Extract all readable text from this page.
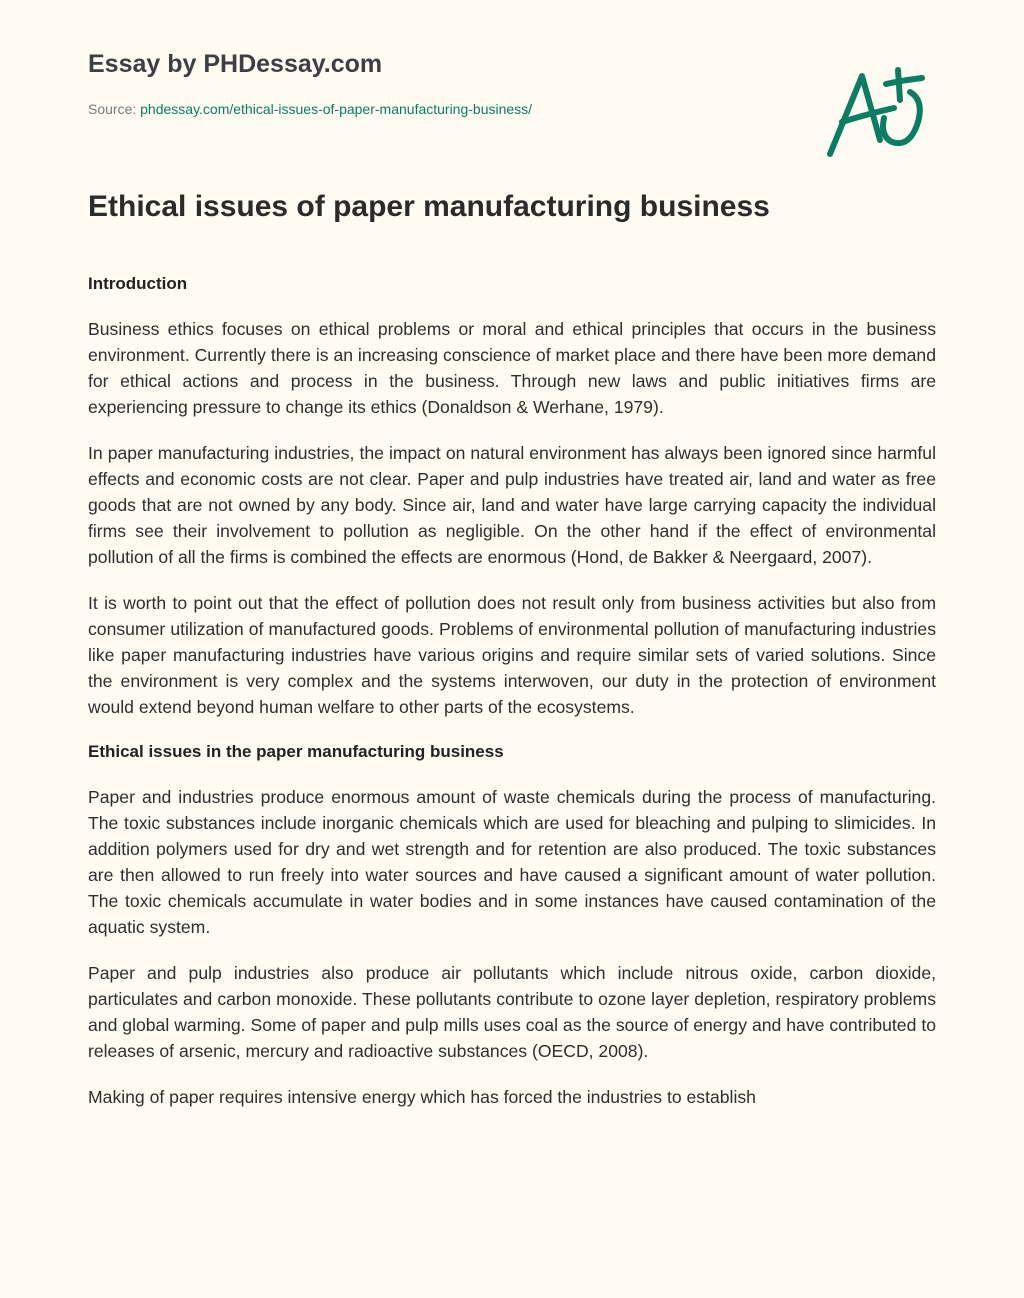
Essay by PHDessay.com
Source: phdessay.com/ethical-issues-of-paper-manufacturing-business/
Ethical issues of paper manufacturing business
Introduction

Business ethics focuses on ethical problems or moral and ethical principles that occurs in the business environment. Currently there is an increasing conscience of market place and there have been more demand for ethical actions and process in the business. Through new laws and public initiatives firms are experiencing pressure to change its ethics (Donaldson & Werhane, 1979).

In paper manufacturing industries, the impact on natural environment has always been ignored since harmful effects and economic costs are not clear. Paper and pulp industries have treated air, land and water as free goods that are not owned by any body. Since air, land and water have large carrying capacity the individual firms see their involvement to pollution as negligible. On the other hand if the effect of environmental pollution of all the firms is combined the effects are enormous (Hond, de Bakker & Neergaard, 2007).

It is worth to point out that the effect of pollution does not result only from business activities but also from consumer utilization of manufactured goods. Problems of environmental pollution of manufacturing industries like paper manufacturing industries have various origins and require similar sets of varied solutions. Since the environment is very complex and the systems interwoven, our duty in the protection of environment would extend beyond human welfare to other parts of the ecosystems.

Ethical issues in the paper manufacturing business

Paper and industries produce enormous amount of waste chemicals during the process of manufacturing. The toxic substances include inorganic chemicals which are used for bleaching and pulping to slimicides. In addition polymers used for dry and wet strength and for retention are also produced. The toxic substances are then allowed to run freely into water sources and have caused a significant amount of water pollution. The toxic chemicals accumulate in water bodies and in some instances have caused contamination of the aquatic system.

Paper and pulp industries also produce air pollutants which include nitrous oxide, carbon dioxide, particulates and carbon monoxide. These pollutants contribute to ozone layer depletion, respiratory problems and global warming. Some of paper and pulp mills uses coal as the source of energy and have contributed to releases of arsenic, mercury and radioactive substances (OECD, 2008).

Making of paper requires intensive energy which has forced the industries to establish
